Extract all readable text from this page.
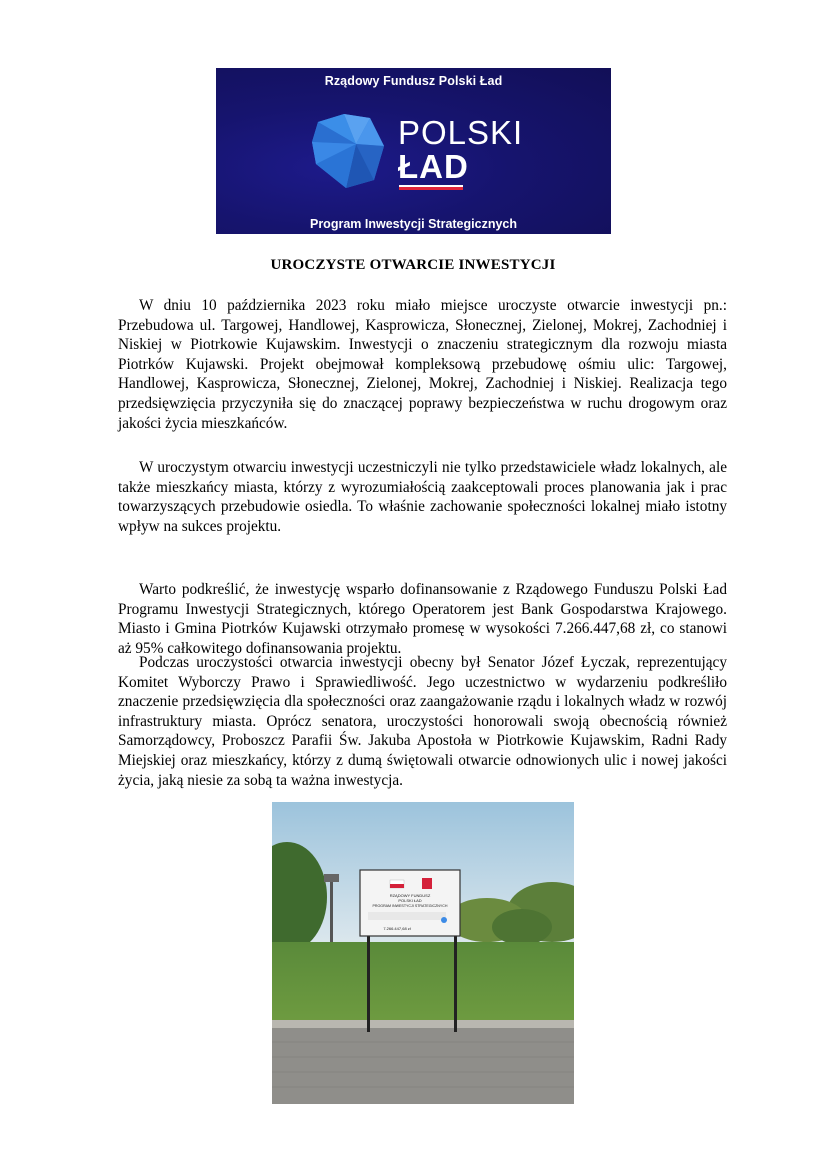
Rządowy Fundusz Polski Ład
POLSKI
ŁAD
Program Inwestycji Strategicznych
UROCZYSTE OTWARCIE INWESTYCJI

W dniu 10 października 2023 roku miało miejsce uroczyste otwarcie inwestycji pn.: Przebudowa ul. Targowej, Handlowej, Kasprowicza, Słonecznej, Zielonej, Mokrej, Zachodniej i Niskiej w Piotrkowie Kujawskim. Inwestycji o znaczeniu strategicznym dla rozwoju miasta Piotrków Kujawski. Projekt obejmował kompleksową przebudowę ośmiu ulic: Targowej, Handlowej, Kasprowicza, Słonecznej, Zielonej, Mokrej, Zachodniej i Niskiej. Realizacja tego przedsięwzięcia przyczyniła się do znaczącej poprawy bezpieczeństwa w ruchu drogowym oraz jakości życia mieszkańców.

W uroczystym otwarciu inwestycji uczestniczyli nie tylko przedstawiciele władz lokalnych, ale także mieszkańcy miasta, którzy z wyrozumiałością zaakceptowali proces planowania jak i prac towarzyszących przebudowie osiedla. To właśnie zachowanie społeczności lokalnej miało istotny wpływ na sukces projektu.

Warto podkreślić, że inwestycję wsparło dofinansowanie z Rządowego Funduszu Polski Ład Programu Inwestycji Strategicznych, którego Operatorem jest Bank Gospodarstwa Krajowego. Miasto i Gmina Piotrków Kujawski otrzymało promesę w wysokości 7.266.447,68 zł, co stanowi aż 95% całkowitego dofinansowania projektu.

Podczas uroczystości otwarcia inwestycji obecny był Senator Józef Łyczak, reprezentujący Komitet Wyborczy Prawo i Sprawiedliwość. Jego uczestnictwo w wydarzeniu podkreśliło znaczenie przedsięwzięcia dla społeczności oraz zaangażowanie rządu i lokalnych władz w rozwój infrastruktury miasta. Oprócz senatora, uroczystości honorowali swoją obecnością również Samorządowcy, Proboszcz Parafii Św. Jakuba Apostoła w Piotrkowie Kujawskim, Radni Rady Miejskiej oraz mieszkańcy, którzy z dumą świętowali otwarcie odnowionych ulic i nowej jakości życia, jaką niesie za sobą ta ważna inwestycja.

RZĄDOWY FUNDUSZ
POLSKI ŁAD
PROGRAM INWESTYCJI STRATEGICZNYCH
7.266.447,68 zł
